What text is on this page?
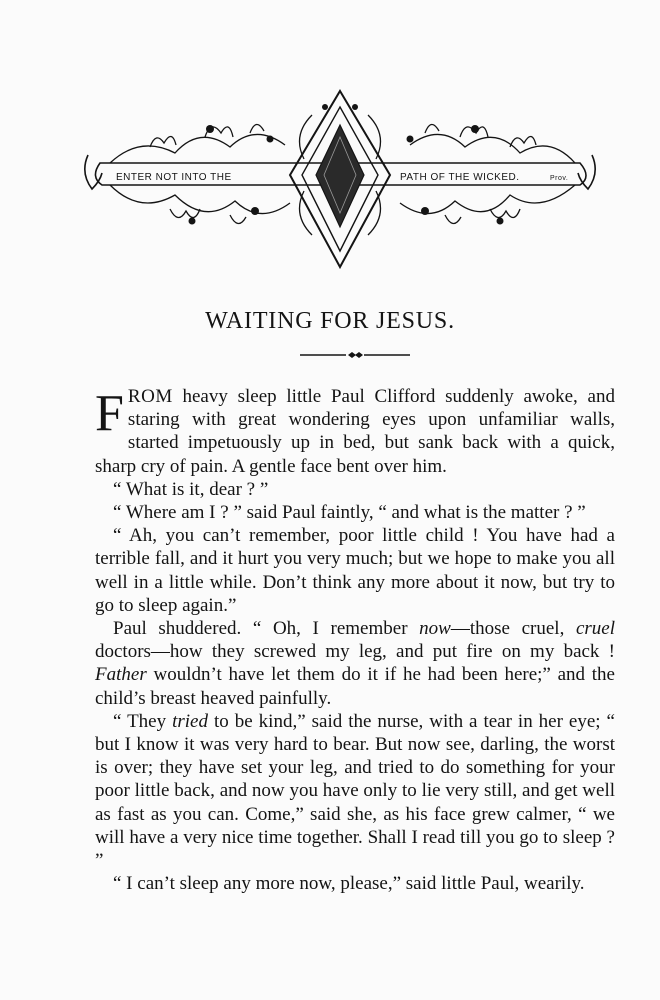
ENTER NOT INTO THE	PATH OF THE WICKED.	Prov.
WAITING FOR JESUS.

FROM heavy sleep little Paul Clifford suddenly awoke, and staring with great wondering eyes upon unfamiliar walls, started impetuously up in bed, but sank back with a quick, sharp cry of pain. A gentle face bent over him.

“ What is it, dear ? ”

“ Where am I ? ” said Paul faintly, “ and what is the matter ? ”

“ Ah, you can’t remember, poor little child ! You have had a terrible fall, and it hurt you very much; but we hope to make you all well in a little while. Don’t think any more about it now, but try to go to sleep again.”

Paul shuddered. “ Oh, I remember now—those cruel, cruel doctors—how they screwed my leg, and put fire on my back ! Father wouldn’t have let them do it if he had been here;” and the child’s breast heaved painfully.

“ They tried to be kind,” said the nurse, with a tear in her eye; “ but I know it was very hard to bear. But now see, darling, the worst is over; they have set your leg, and tried to do something for your poor little back, and now you have only to lie very still, and get well as fast as you can. Come,” said she, as his face grew calmer, “ we will have a very nice time together. Shall I read till you go to sleep ? ”

“ I can’t sleep any more now, please,” said little Paul, wearily.
